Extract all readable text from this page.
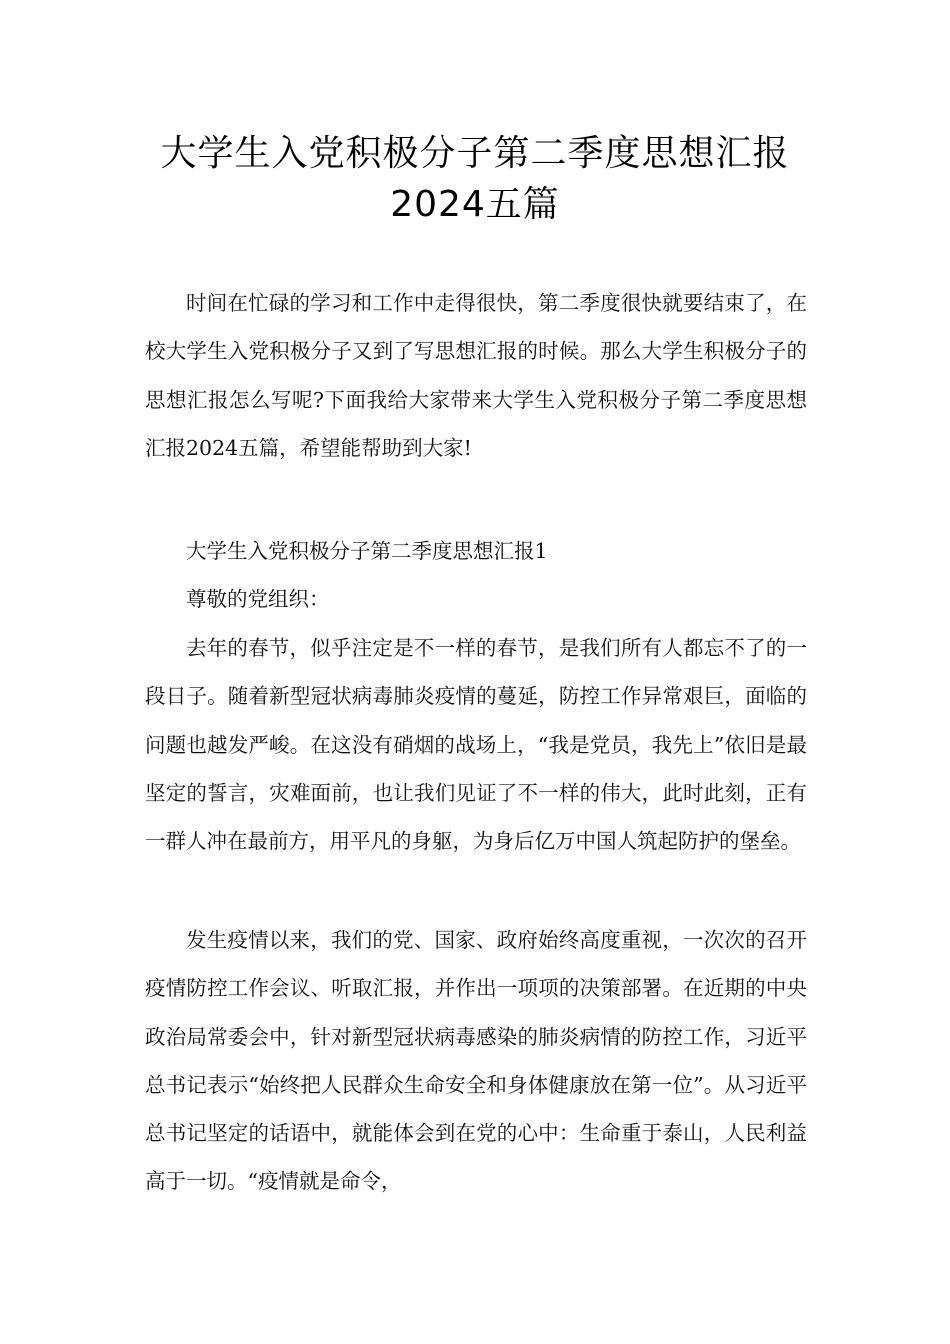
大学生入党积极分子第二季度思想汇报
2024五篇

时间在忙碌的学习和工作中走得很快，第二季度很快就要结束了，在校大学生入党积极分子又到了写思想汇报的时候。那么大学生积极分子的思想汇报怎么写呢?下面我给大家带来大学生入党积极分子第二季度思想汇报2024五篇，希望能帮助到大家!

大学生入党积极分子第二季度思想汇报1

尊敬的党组织：

去年的春节，似乎注定是不一样的春节，是我们所有人都忘不了的一段日子。随着新型冠状病毒肺炎疫情的蔓延，防控工作异常艰巨，面临的问题也越发严峻。在这没有硝烟的战场上，“我是党员，我先上”依旧是最坚定的誓言，灾难面前，也让我们见证了不一样的伟大，此时此刻，正有一群人冲在最前方，用平凡的身躯，为身后亿万中国人筑起防护的堡垒。

发生疫情以来，我们的党、国家、政府始终高度重视，一次次的召开疫情防控工作会议、听取汇报，并作出一项项的决策部署。在近期的中央政治局常委会中，针对新型冠状病毒感染的肺炎病情的防控工作，习近平总书记表示“始终把人民群众生命安全和身体健康放在第一位”。从习近平总书记坚定的话语中，就能体会到在党的心中：生命重于泰山，人民利益高于一切。“疫情就是命令，
